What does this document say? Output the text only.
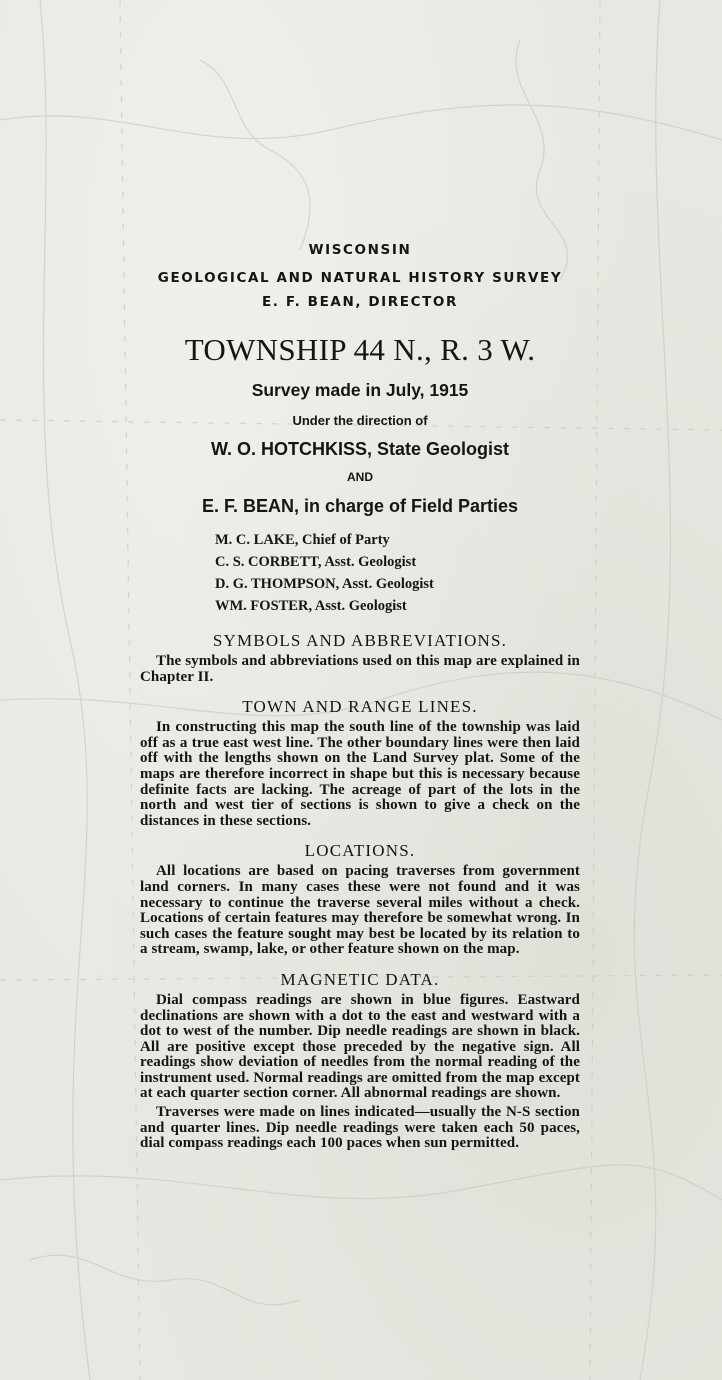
WISCONSIN
GEOLOGICAL AND NATURAL HISTORY SURVEY
E. F. BEAN, DIRECTOR
TOWNSHIP 44 N., R. 3 W.
Survey made in July, 1915
Under the direction of
W. O. HOTCHKISS, State Geologist
AND
E. F. BEAN, in charge of Field Parties
M. C. LAKE, Chief of Party
C. S. CORBETT, Asst. Geologist
D. G. THOMPSON, Asst. Geologist
WM. FOSTER, Asst. Geologist
SYMBOLS AND ABBREVIATIONS.

The symbols and abbreviations used on this map are explained in Chapter II.

TOWN AND RANGE LINES.

In constructing this map the south line of the township was laid off as a true east west line. The other boundary lines were then laid off with the lengths shown on the Land Survey plat. Some of the maps are therefore incorrect in shape but this is necessary because definite facts are lacking. The acreage of part of the lots in the north and west tier of sections is shown to give a check on the distances in these sections.

LOCATIONS.

All locations are based on pacing traverses from government land corners. In many cases these were not found and it was necessary to continue the traverse several miles without a check. Locations of certain features may therefore be somewhat wrong. In such cases the feature sought may best be located by its relation to a stream, swamp, lake, or other feature shown on the map.

MAGNETIC DATA.

Dial compass readings are shown in blue figures. Eastward declinations are shown with a dot to the east and westward with a dot to west of the number. Dip needle readings are shown in black. All are positive except those preceded by the negative sign. All readings show deviation of needles from the normal reading of the instrument used. Normal readings are omitted from the map except at each quarter section corner. All abnormal readings are shown.

Traverses were made on lines indicated—usually the N-S section and quarter lines. Dip needle readings were taken each 50 paces, dial compass readings each 100 paces when sun permitted.
